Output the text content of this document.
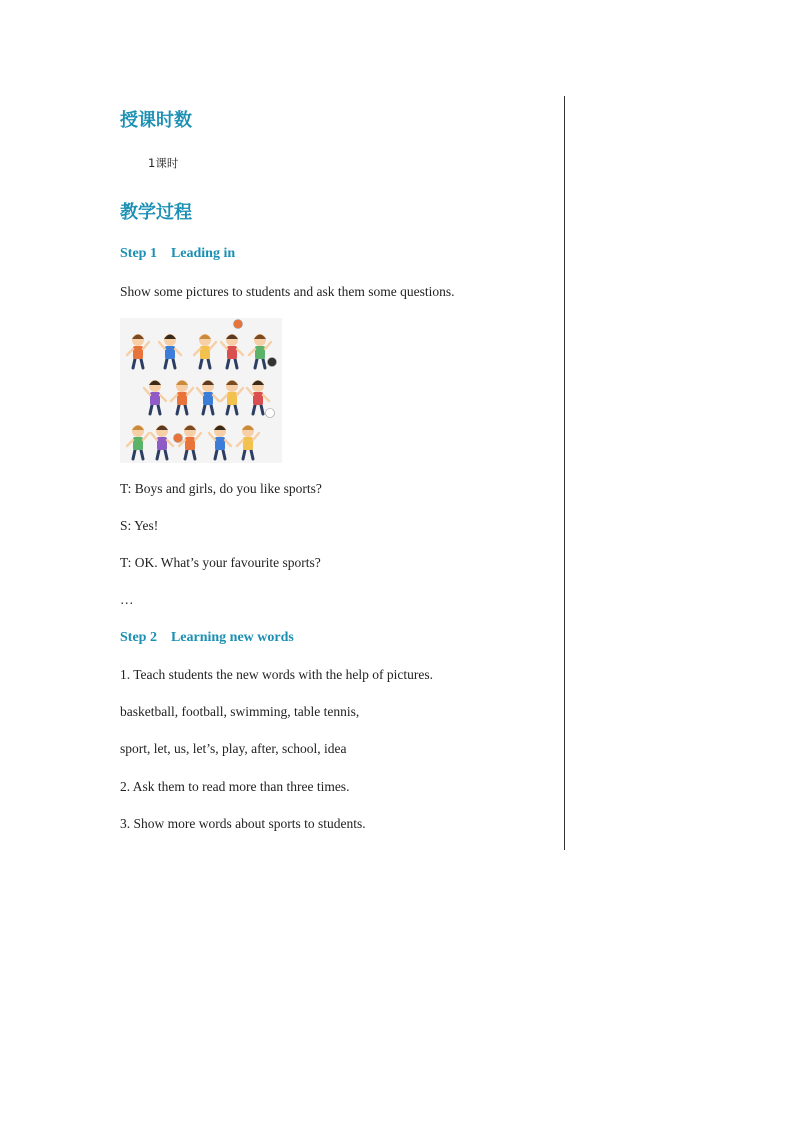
授课时数
1课时
教学过程
Step 1 Leading in
Show some pictures to students and ask them some questions.
T: Boys and girls, do you like sports?
S: Yes!
T: OK. What’s your favourite sports?
…
Step 2 Learning new words
1. Teach students the new words with the help of pictures.
basketball, football, swimming, table tennis,
sport, let, us, let’s, play, after, school, idea
2. Ask them to read more than three times.
3. Show more words about sports to students.
